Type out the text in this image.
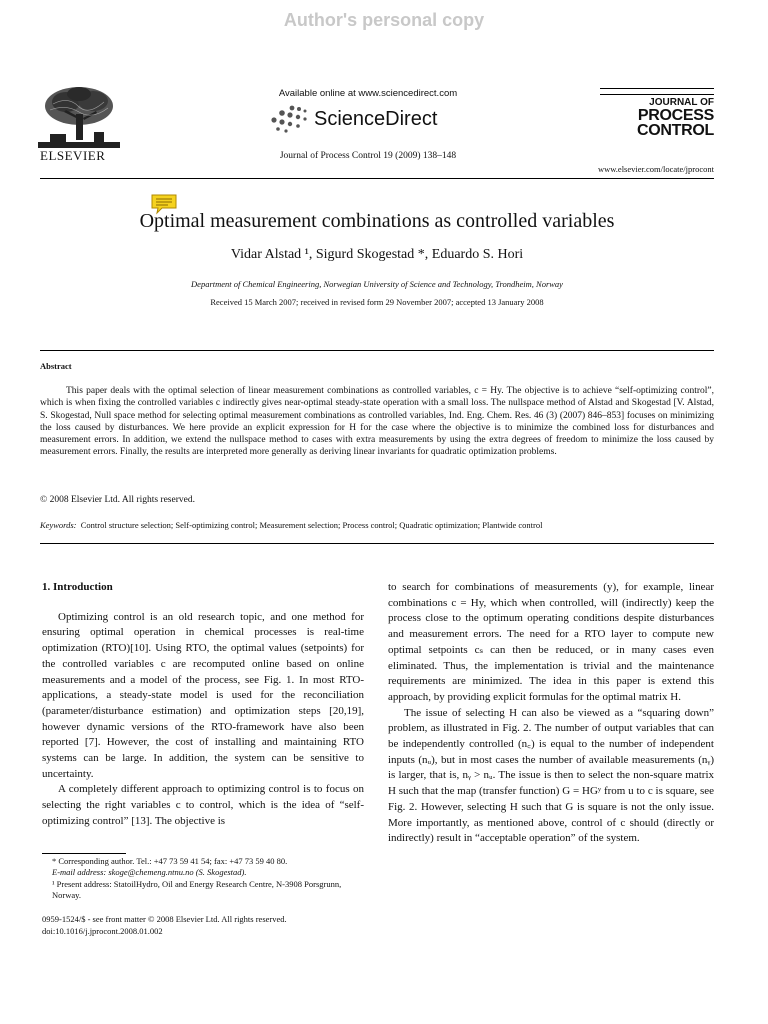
Author's personal copy
ELSEVIER
Available online at www.sciencedirect.com
ScienceDirect
Journal of Process Control 19 (2009) 138–148
JOURNAL OF
PROCESS
CONTROL
www.elsevier.com/locate/jprocont
Optimal measurement combinations as controlled variables
Vidar Alstad ¹, Sigurd Skogestad *, Eduardo S. Hori
Department of Chemical Engineering, Norwegian University of Science and Technology, Trondheim, Norway
Received 15 March 2007; received in revised form 29 November 2007; accepted 13 January 2008
Abstract
This paper deals with the optimal selection of linear measurement combinations as controlled variables, c = Hy. The objective is to achieve “self-optimizing control”, which is when fixing the controlled variables c indirectly gives near-optimal steady-state operation with a small loss. The nullspace method of Alstad and Skogestad [V. Alstad, S. Skogestad, Null space method for selecting optimal measurement combinations as controlled variables, Ind. Eng. Chem. Res. 46 (3) (2007) 846–853] focuses on minimizing the loss caused by disturbances. We here provide an explicit expression for H for the case where the objective is to minimize the combined loss for disturbances and measurement errors. In addition, we extend the nullspace method to cases with extra measurements by using the extra degrees of freedom to minimize the loss caused by measurement errors. Finally, the results are interpreted more generally as deriving linear invariants for quadratic optimization problems.
© 2008 Elsevier Ltd. All rights reserved.
Keywords: Control structure selection; Self-optimizing control; Measurement selection; Process control; Quadratic optimization; Plantwide control

1. Introduction

Optimizing control is an old research topic, and one method for ensuring optimal operation in chemical processes is real-time optimization (RTO)[10]. Using RTO, the optimal values (setpoints) for the controlled variables c are recomputed online based on online measurements and a model of the process, see Fig. 1. In most RTO-applications, a steady-state model is used for the reconciliation (parameter/disturbance estimation) and optimization steps [20,19], however dynamic versions of the RTO-framework have also been reported [7]. However, the cost of installing and maintaining RTO systems can be large. In addition, the system can be sensitive to uncertainty.

A completely different approach to optimizing control is to focus on selecting the right variables c to control, which is the idea of “self-optimizing control” [13]. The objective is

to search for combinations of measurements (y), for example, linear combinations c = Hy, which when controlled, will (indirectly) keep the process close to the optimum operating conditions despite disturbances and measurement errors. The need for a RTO layer to compute new optimal setpoints cₛ can then be reduced, or in many cases even eliminated. Thus, the implementation is trivial and the maintenance requirements are minimized. The idea in this paper is extend this approach, by providing explicit formulas for the optimal matrix H.

The issue of selecting H can also be viewed as a “squaring down” problem, as illustrated in Fig. 2. The number of output variables that can be independently controlled (n꜀) is equal to the number of independent inputs (nᵤ), but in most cases the number of available measurements (nᵧ) is larger, that is, nᵧ > nᵤ. The issue is then to select the non-square matrix H such that the map (transfer function) G = HGʸ from u to c is square, see Fig. 2. However, selecting H such that G is square is not the only issue. More importantly, as mentioned above, control of c should (directly or indirectly) result in “acceptable operation” of the system.

* Corresponding author. Tel.: +47 73 59 41 54; fax: +47 73 59 40 80.

E-mail address: skoge@chemeng.ntnu.no (S. Skogestad).

¹ Present address: StatoilHydro, Oil and Energy Research Centre, N-3908 Porsgrunn, Norway.

0959-1524/$ - see front matter © 2008 Elsevier Ltd. All rights reserved.
doi:10.1016/j.jprocont.2008.01.002
